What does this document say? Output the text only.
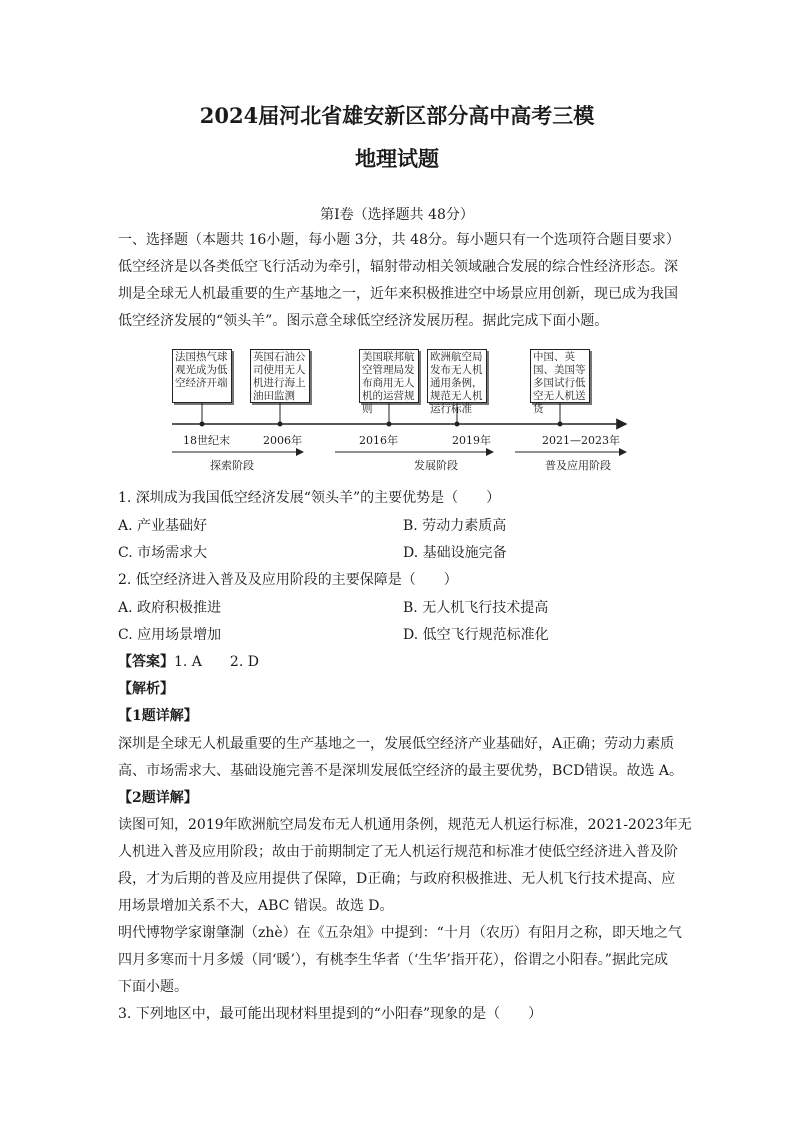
2024届河北省雄安新区部分高中高考三模
地理试题
第Ⅰ卷（选择题共 48分）
一、选择题（本题共 16小题，每小题 3分，共 48分。每小题只有一个选项符合题目要求）
低空经济是以各类低空飞行活动为牵引，辐射带动相关领域融合发展的综合性经济形态。深
圳是全球无人机最重要的生产基地之一，近年来积极推进空中场景应用创新，现已成为我国
低空经济发展的“领头羊”。图示意全球低空经济发展历程。据此完成下面小题。
法国热气球观光成为低空经济开端
英国石油公司使用无人机进行海上油田监测
美国联邦航空管理局发布商用无人机的运营规则
欧洲航空局发布无人机通用条例，规范无人机运行标准
中国、英国、美国等多国试行低空无人机送货
18世纪末	2006年	2016年	2019年	2021—2023年
探索阶段	发展阶段	普及应用阶段
1. 深圳成为我国低空经济发展“领头羊”的主要优势是（　　）
A. 产业基础好	B. 劳动力素质高
C. 市场需求大	D. 基础设施完备
2. 低空经济进入普及及应用阶段的主要保障是（　　）
A. 政府积极推进	B. 无人机飞行技术提高
C. 应用场景增加	D. 低空飞行规范标准化
【答案】1. A　　2. D
【解析】
【1题详解】
深圳是全球无人机最重要的生产基地之一，发展低空经济产业基础好，A正确；劳动力素质
高、市场需求大、基础设施完善不是深圳发展低空经济的最主要优势，BCD错误。故选 A。
【2题详解】
读图可知，2019年欧洲航空局发布无人机通用条例，规范无人机运行标准，2021-2023年无
人机进入普及应用阶段；故由于前期制定了无人机运行规范和标准才使低空经济进入普及阶
段，才为后期的普及应用提供了保障，D正确；与政府积极推进、无人机飞行技术提高、应
用场景增加关系不大，ABC 错误。故选 D。
明代博物学家谢肇淛（zhè）在《五杂俎》中提到：“十月（农历）有阳月之称，即天地之气
四月多寒而十月多煖（同‘暖’），有桃李生华者（‘生华’指开花），俗谓之小阳春。”据此完成
下面小题。
3. 下列地区中，最可能出现材料里提到的“小阳春”现象的是（　　）
